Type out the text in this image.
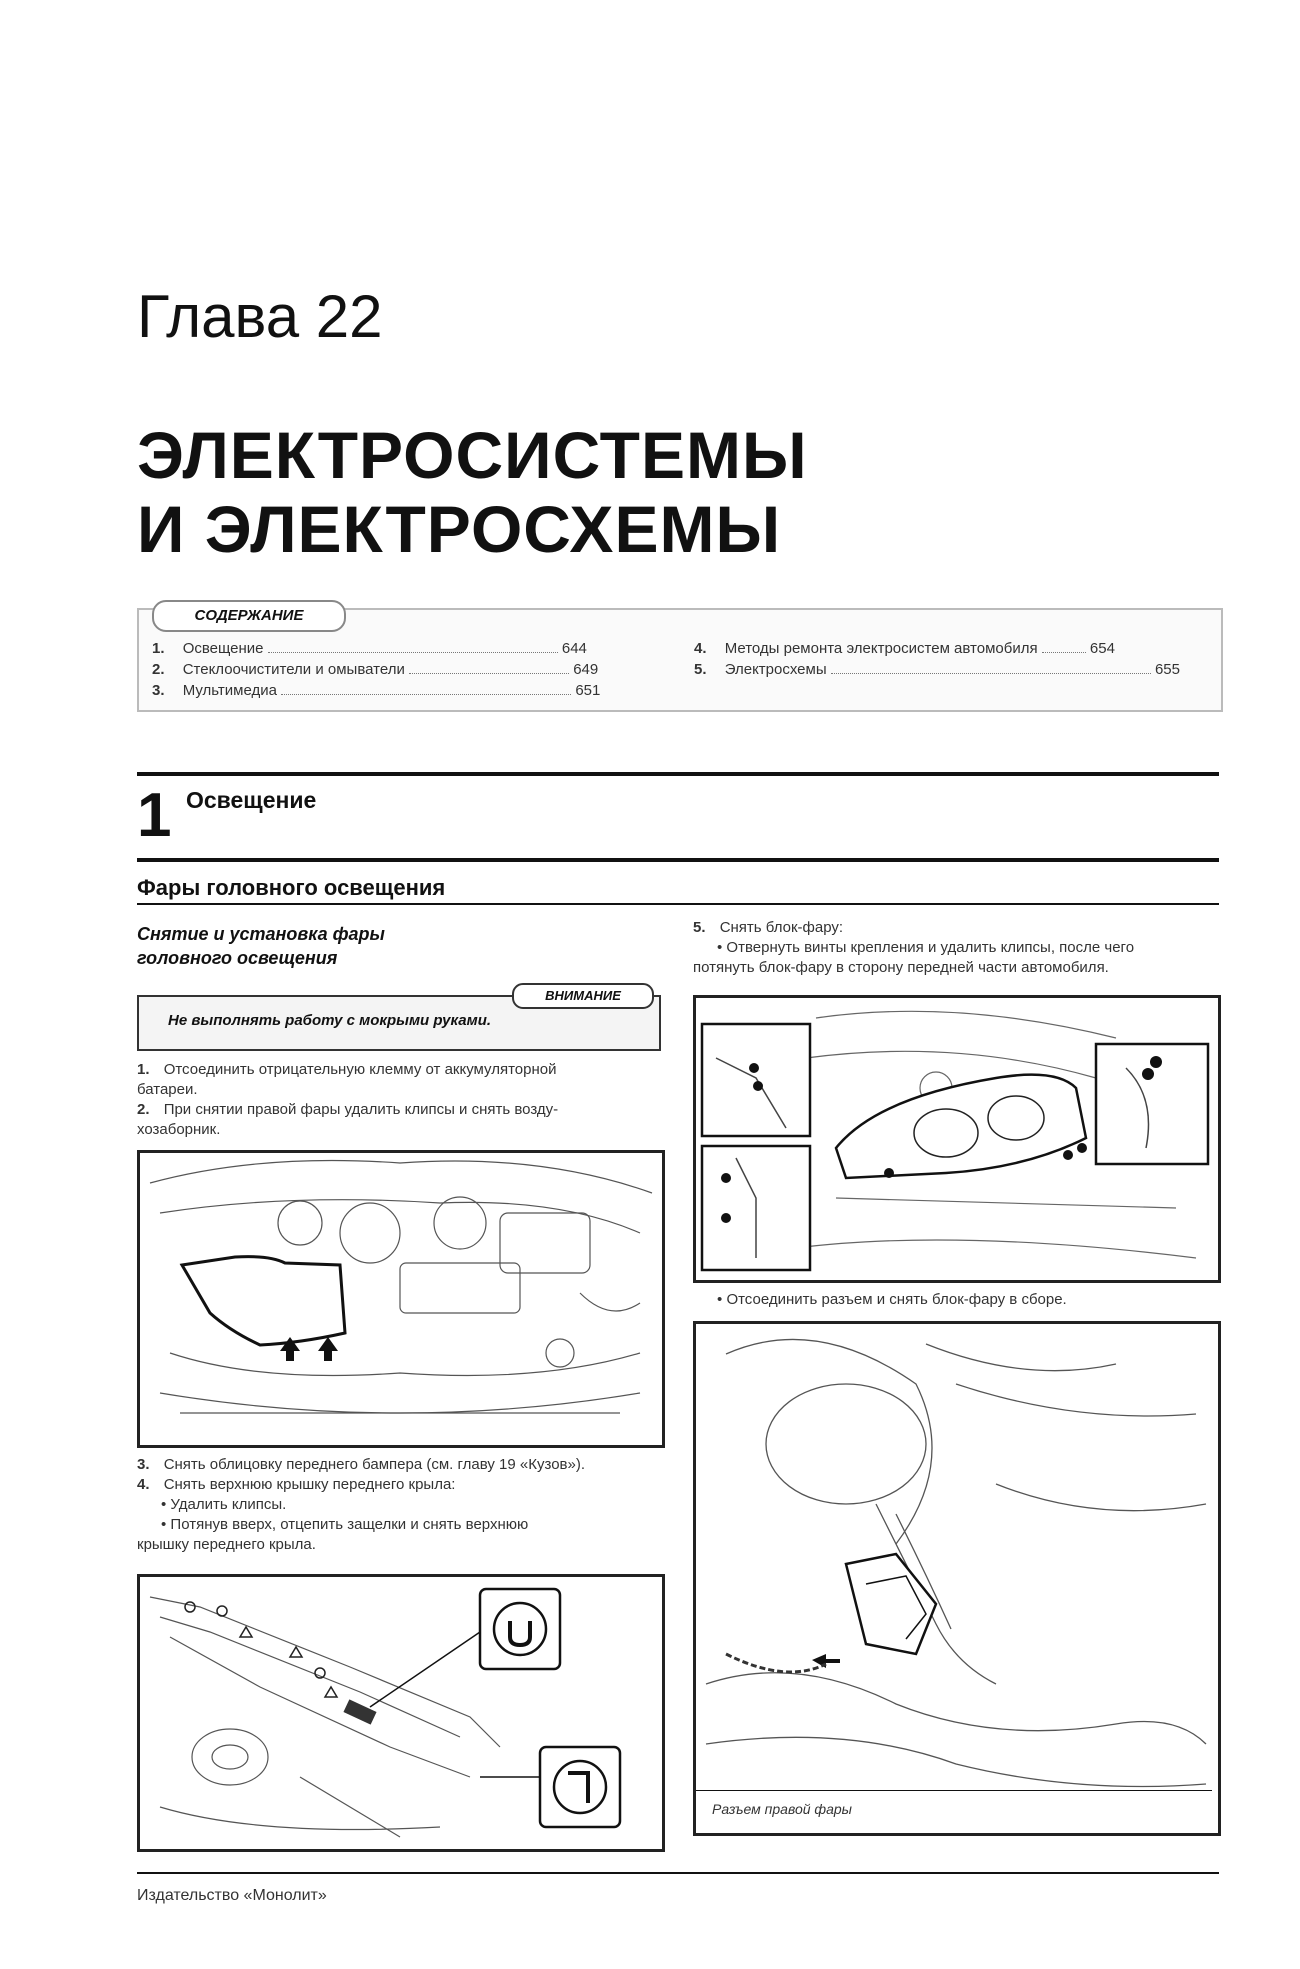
Глава 22
ЭЛЕКТРОСИСТЕМЫ
И ЭЛЕКТРОСХЕМЫ
СОДЕРЖАНИЕ
1. Освещение	644
2. Стеклоочистители и омыватели	649
3. Мультимедиа	651
4. Методы ремонта электросистем автомобиля	654
5. Электросхемы	655
1 Освещение
Фары головного освещения
Снятие и установка фары
головного освещения
ВНИМАНИЕ
Не выполнять работу с мокрыми руками.
1. Отсоединить отрицательную клемму от аккумуляторной
батареи.
2. При снятии правой фары удалить клипсы и снять возду-
хозаборник.
3. Снять облицовку переднего бампера (см. главу 19 «Кузов»).
4. Снять верхнюю крышку переднего крыла:
• Удалить клипсы.
• Потянув вверх, отцепить защелки и снять верхнюю
крышку переднего крыла.
5. Снять блок-фару:
• Отвернуть винты крепления и удалить клипсы, после чего
потянуть блок-фару в сторону передней части автомобиля.
• Отсоединить разъем и снять блок-фару в сборе.
Разъем правой фары
Издательство «Монолит»
